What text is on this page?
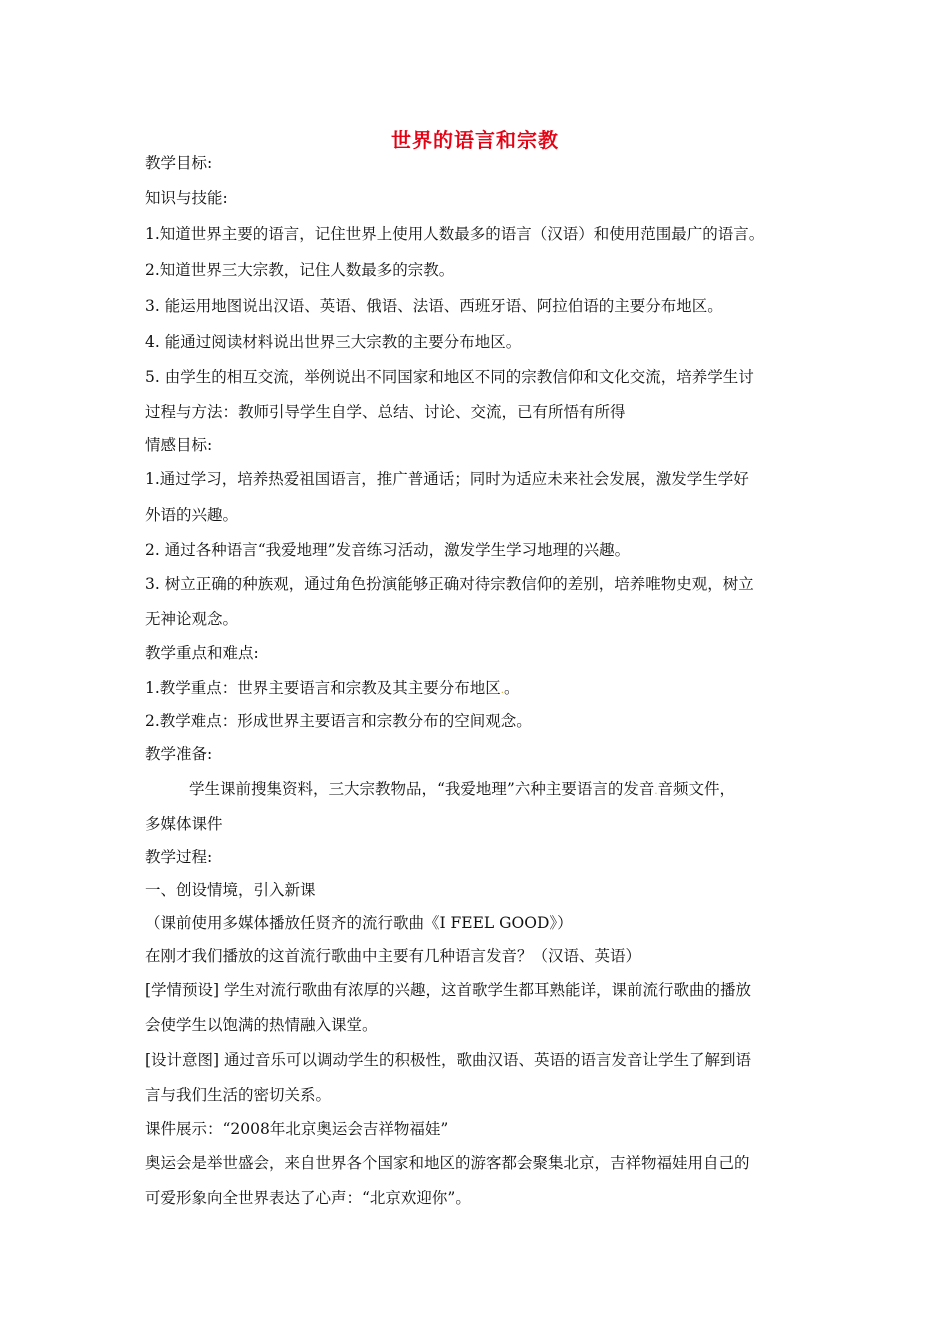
世界的语言和宗教
教学目标:
知识与技能:
1.知道世界主要的语言，记住世界上使用人数最多的语言（汉语）和使用范围最广的语言。
2.知道世界三大宗教，记住人数最多的宗教。
3. 能运用地图说出汉语、英语、俄语、法语、西班牙语、阿拉伯语的主要分布地区。
4. 能通过阅读材料说出世界三大宗教的主要分布地区。
5. 由学生的相互交流，举例说出不同国家和地区不同的宗教信仰和文化交流，培养学生讨
过程与方法：教师引导学生自学、总结、讨论、交流，已有所悟有所得
情感目标:
1.通过学习，培养热爱祖国语言，推广普通话；同时为适应未来社会发展，激发学生学好
外语的兴趣。
2. 通过各种语言“我爱地理”发音练习活动，激发学生学习地理的兴趣。
3. 树立正确的种族观，通过角色扮演能够正确对待宗教信仰的差别，培养唯物史观，树立
无神论观念。
教学重点和难点:
1.教学重点：世界主要语言和宗教及其主要分布地区.。
2.教学难点：形成世界主要语言和宗教分布的空间观念。
教学准备:
学生课前搜集资料，三大宗教物品，“我爱地理”六种主要语言的发音.音频文件，
多媒体课件
教学过程:
一、创设情境，引入新课
（课前使用多媒体播放任贤齐的流行歌曲《I FEEL GOOD》）
在刚才我们播放的这首流行歌曲中主要有几种语言发音？（汉语、英语）
[学情预设] 学生对流行歌曲有浓厚的兴趣，这首歌学生都耳熟能详，课前流行歌曲的播放
会使学生以饱满的热情融入课堂。
[设计意图] 通过音乐可以调动学生的积极性，歌曲汉语、英语的语言发音让学生了解到语
言与我们生活的密切关系。
课件展示：“2008年北京奥运会吉祥物福娃”
奥运会是举世盛会，来自世界各个国家和地区的游客都会聚集北京，吉祥物福娃用自己的
可爱形象向全世界表达了心声：“北京欢迎你”。
